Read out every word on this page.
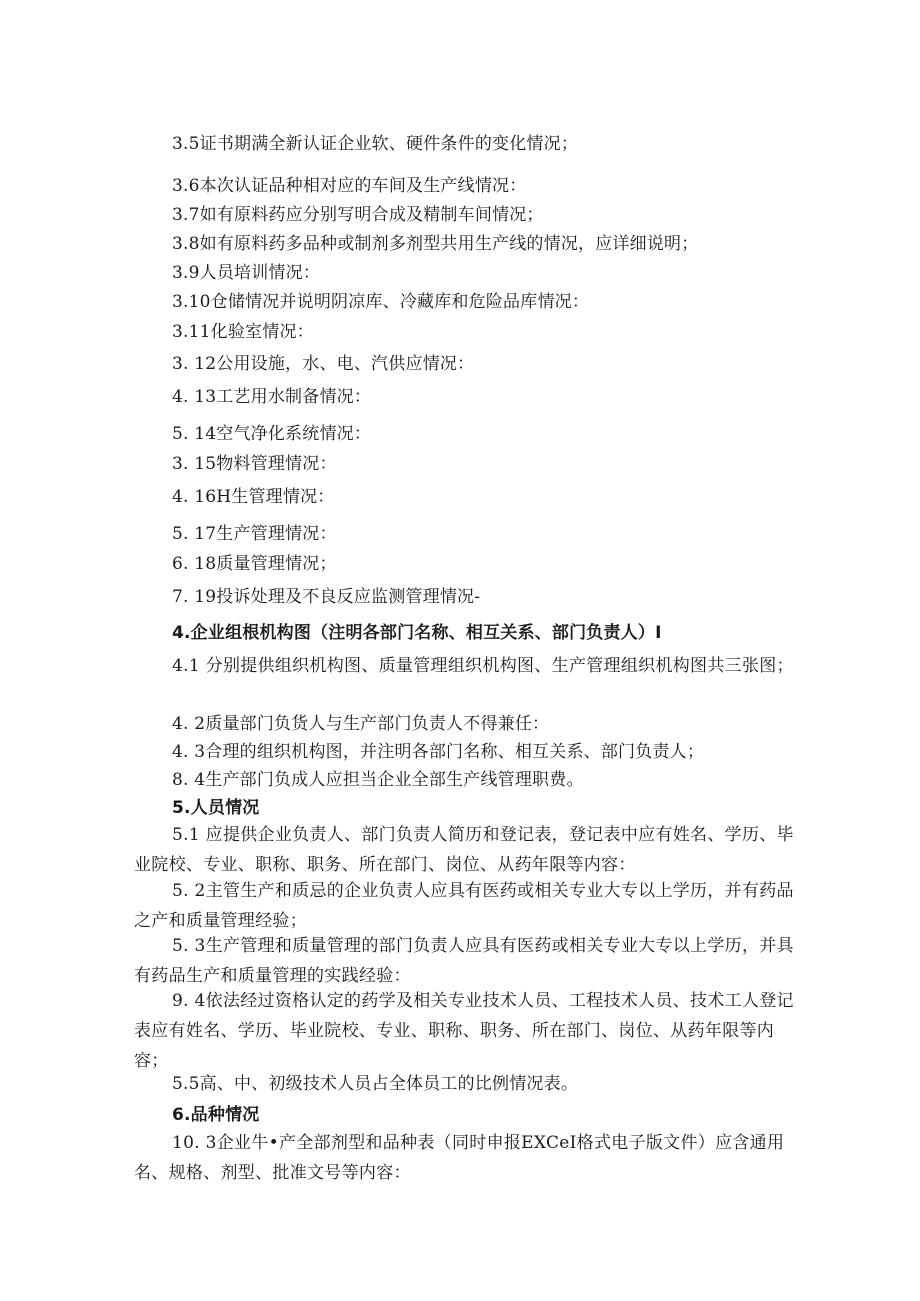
3.5证书期满全新认证企业软、硬件条件的变化情况；
3.6本次认证品种相对应的车间及生产线情况：
3.7如有原料药应分别写明合成及精制车间情况；
3.8如有原料药多品种或制剂多剂型共用生产线的情况，应详细说明；
3.9人员培训情况：
3.10仓储情况并说明阴凉库、冷藏库和危险品库情况：
3.11化验室情况：
3. 12公用设施，水、电、汽供应情况：
4. 13工艺用水制备情况：
5. 14空气净化系统情况：
3. 15物料管理情况：
4. 16H生管理情况：
5. 17生产管理情况：
6. 18质量管理情况；
7. 19投诉处理及不良反应监测管理情况-
4.企业组根机构图（注明各部门名称、相互关系、部门负责人）I
4.1 分别提供组织机构图、质量管理组织机构图、生产管理组织机构图共三张图；
4. 2质量部门负货人与生产部门负责人不得兼任：
4. 3合理的组织机构图，并注明各部门名称、相互关系、部门负责人；
8. 4生产部门负成人应担当企业全部生产线管理职费。
5.人员情况
5.1 应提供企业负责人、部门负责人简历和登记表，登记表中应有姓名、学历、毕业院校、专业、职称、职务、所在部门、岗位、从药年限等内容：
5. 2主管生产和质忌的企业负责人应具有医药或相关专业大专以上学历，并有药品之产和质量管理经验；
5. 3生产管理和质量管理的部门负责人应具有医药或相关专业大专以上学历，并具有药品生产和质量管理的实践经验：
9. 4依法经过资格认定的药学及相关专业技术人员、工程技术人员、技术工人登记表应有姓名、学历、毕业院校、专业、职称、职务、所在部门、岗位、从药年限等内容；
5.5高、中、初级技术人员占全体员工的比例情况表。
6.品种情况
10. 3企业牛•产全部剂型和品种表（同时申报EXCeI格式电子版文件）应含通用名、规格、剂型、批准文号等内容：
